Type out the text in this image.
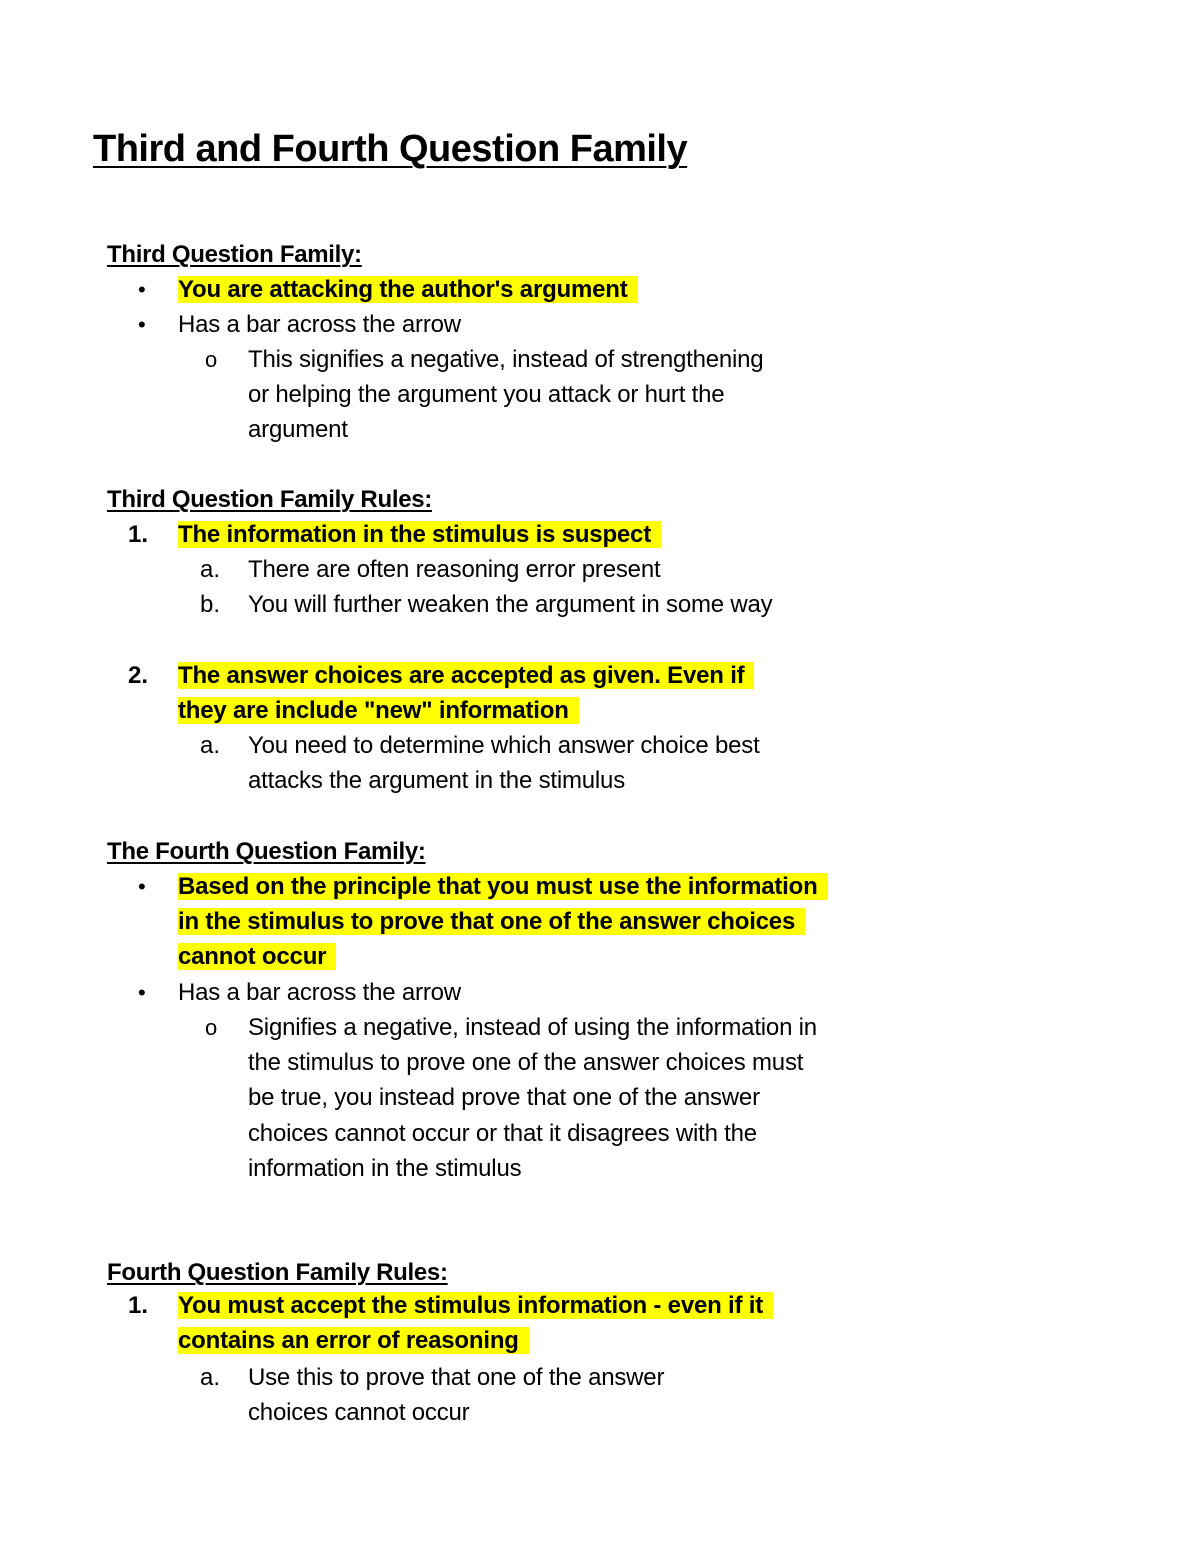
Third and Fourth Question Family
Third Question Family:
•	You are attacking the author's argument
•	Has a bar across the arrow
o	This signifies a negative, instead of strengthening or helping the argument you attack or hurt the argument
Third Question Family Rules:
1.	The information in the stimulus is suspect
a.	There are often reasoning error present
b.	You will further weaken the argument in some way
2.	The answer choices are accepted as given. Even if they are include "new" information
a.	You need to determine which answer choice best attacks the argument in the stimulus
The Fourth Question Family:
•	Based on the principle that you must use the information in the stimulus to prove that one of the answer choices cannot occur
•	Has a bar across the arrow
o	Signifies a negative, instead of using the information in the stimulus to prove one of the answer choices must be true, you instead prove that one of the answer choices cannot occur or that it disagrees with the information in the stimulus
Fourth Question Family Rules:
1.	You must accept the stimulus information - even if it contains an error of reasoning
a.	Use this to prove that one of the answer choices cannot occur
